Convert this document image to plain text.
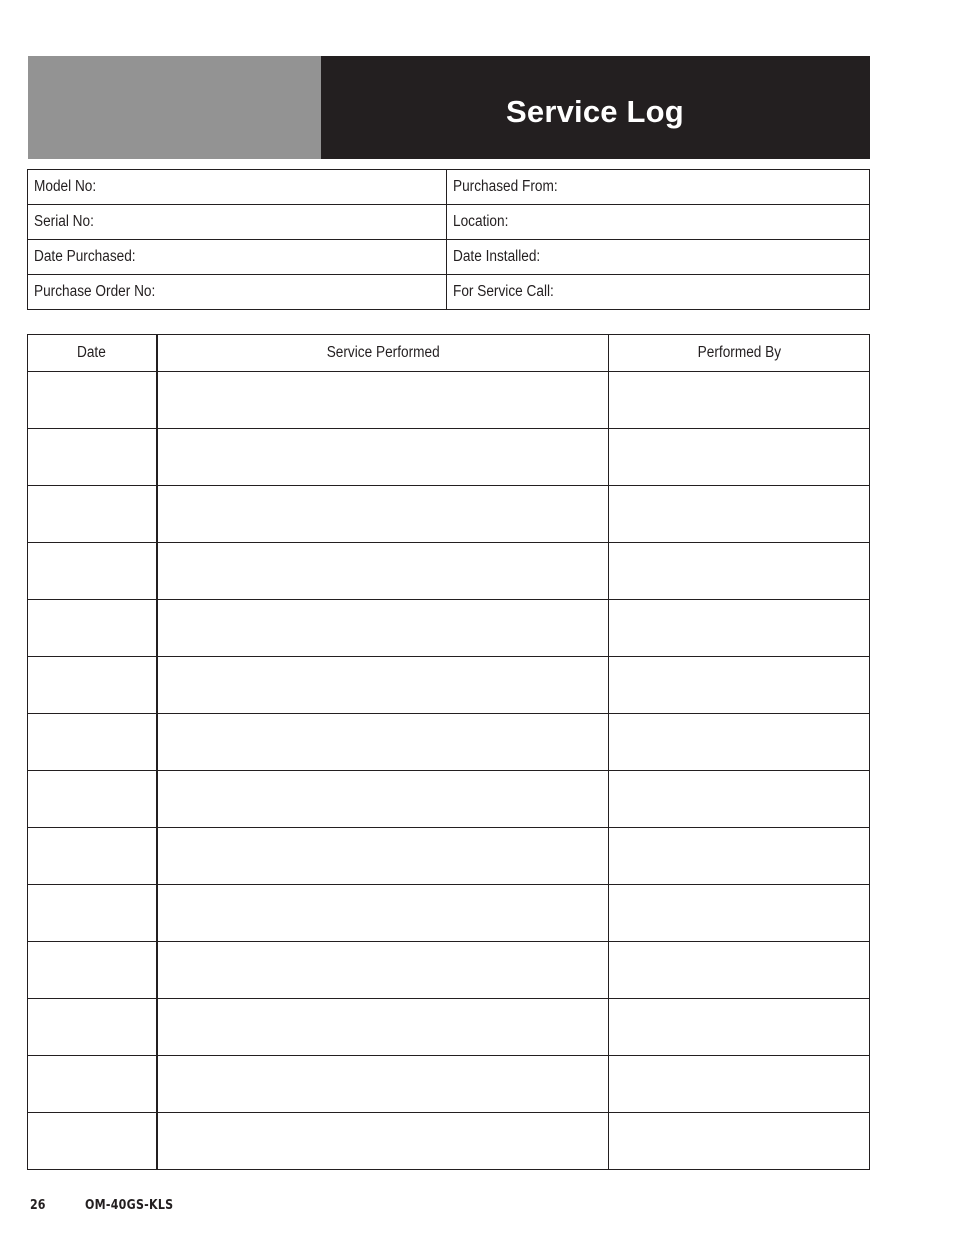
Service Log
Model No:	Purchased From:
Serial No:	Location:
Date Purchased:	Date Installed:
Purchase Order No:	For Service Call:
Date	Service Performed	Performed By

26	OM-40GS-KLS
